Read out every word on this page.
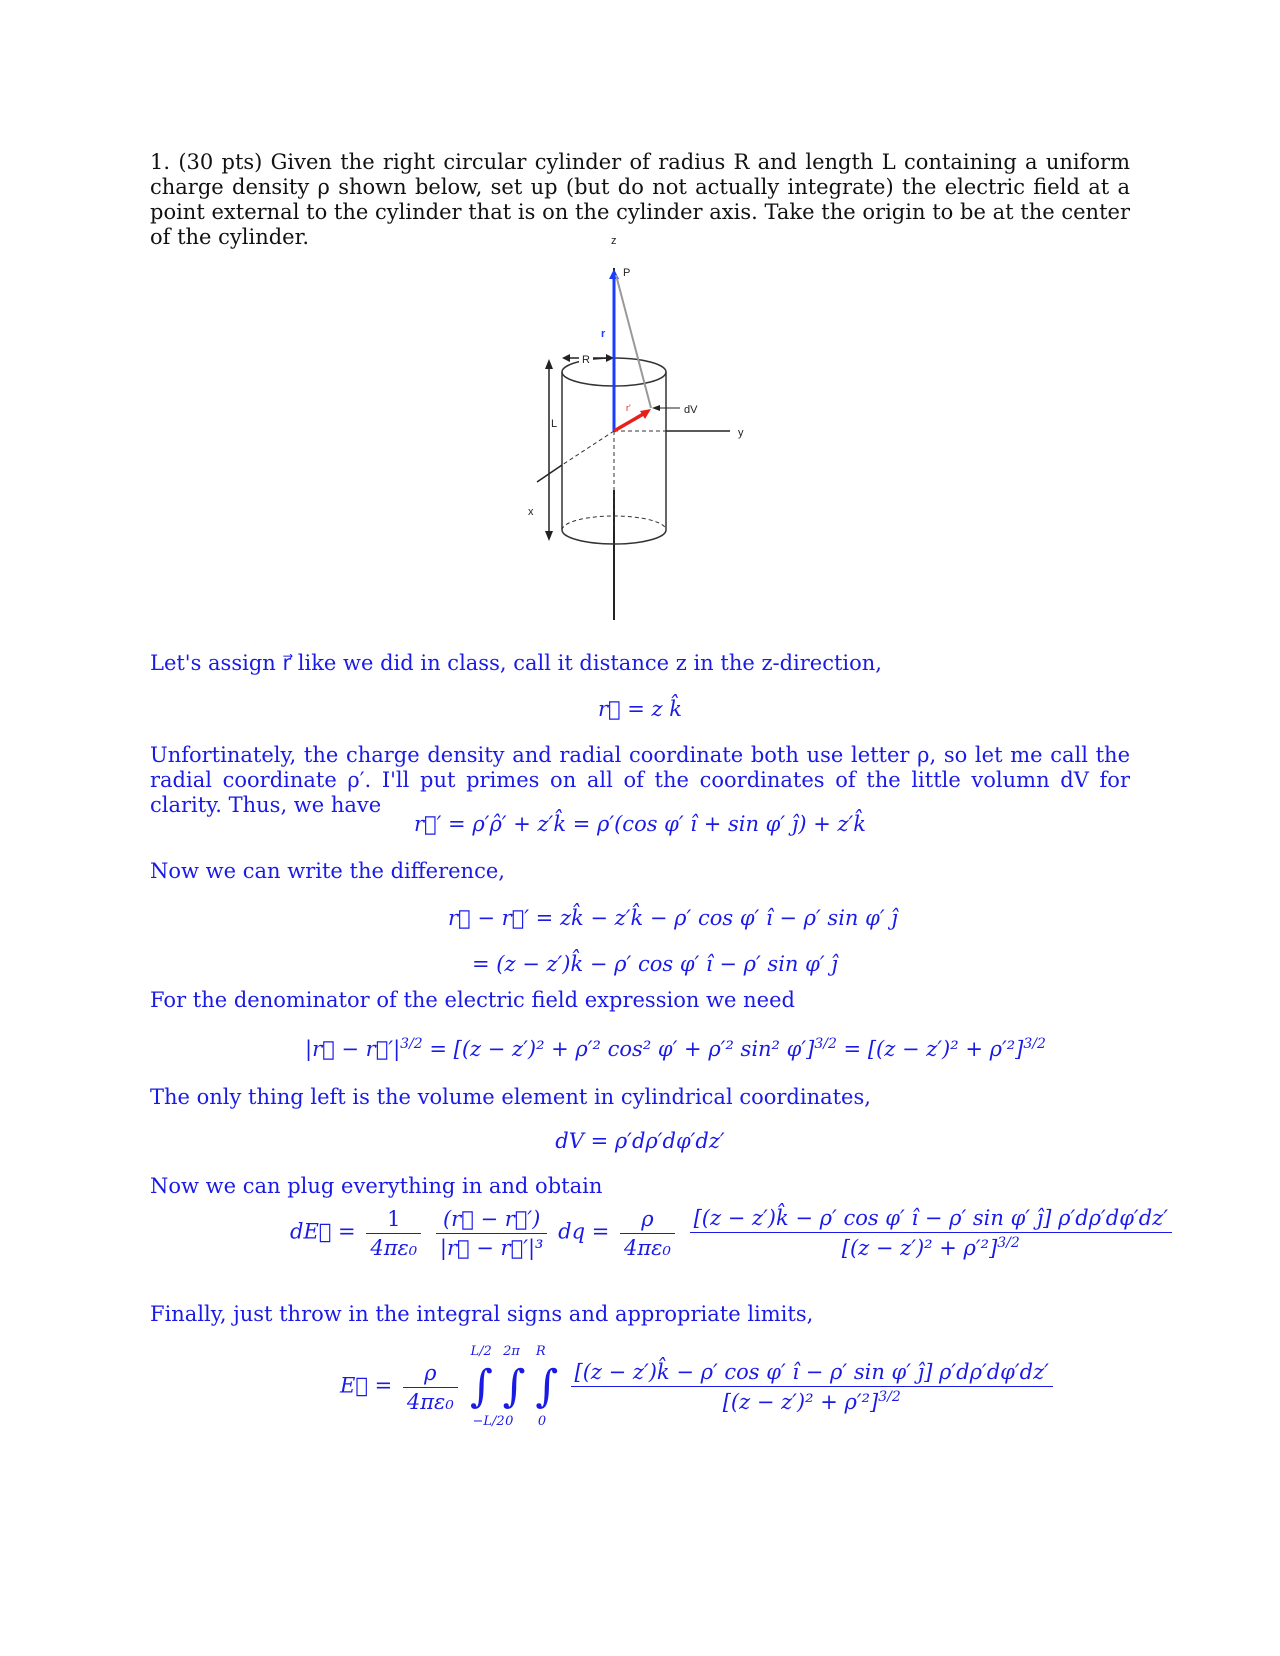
1. (30 pts) Given the right circular cylinder of radius R and length L containing a uniform charge density ρ shown below, set up (but do not actually integrate) the electric field at a point external to the cylinder that is on the cylinder axis. Take the origin to be at the center of the cylinder.	z
P
r
R
dV
r'
L
y
x
Let's assign r⃗ like we did in class, call it distance z in the z-direction,
r⃗ = z k̂
Unfortinately, the charge density and radial coordinate both use letter ρ, so let me call the radial coordinate ρ′. I'll put primes on all of the coordinates of the little volumn dV for clarity. Thus, we have
r⃗′ = ρ′ρ̂′ + z′k̂ = ρ′(cos φ′ î + sin φ′ ĵ) + z′k̂
Now we can write the difference,
r⃗ − r⃗′ = zk̂ − z′k̂ − ρ′ cos φ′ î − ρ′ sin φ′ ĵ
= (z − z′)k̂ − ρ′ cos φ′ î − ρ′ sin φ′ ĵ
For the denominator of the electric field expression we need
|r⃗ − $r⃗'|^{3/2} = [(z - z')^2 + \rho'^2$ cos² φ′ + ρ′² sin² $\varphi']^{3/2} = [(z - z')^2 + \rho'^2]^{3/2}$
The only thing left is the volume element in cylindrical coordinates,
dV = ρ′dρ′dφ′dz′
Now we can plug everything in and obtain
dE⃗ = $\frac{1}{\text{4πε₀}}$
$\frac{(r⃗ - r⃗')}{\text{|r⃗ − r⃗′|³}}$ dq = $\frac{\rho}{\text{4πε₀}}$
$\frac{\text{[(z − z′)k̂ − ρ′ cos φ′ î − ρ′ sin φ′ ĵ] ρ′dρ′dφ′dz′}}{[(z - z')^2 + \rho'^2]^{3/2}}$
Finally, just throw in the integral signs and appropriate limits,
E⃗ = $\frac{\rho}{\text{4πε₀}}$ ∫
L/2
−L/2
∫
2π
0
∫
R
0

$\frac{\text{[(z − z′)k̂ − ρ′ cos φ′ î − ρ′ sin φ′ ĵ] ρ′dρ′dφ′dz′}}{[(z - z')^2 + \rho'^2]^{3/2}}$
